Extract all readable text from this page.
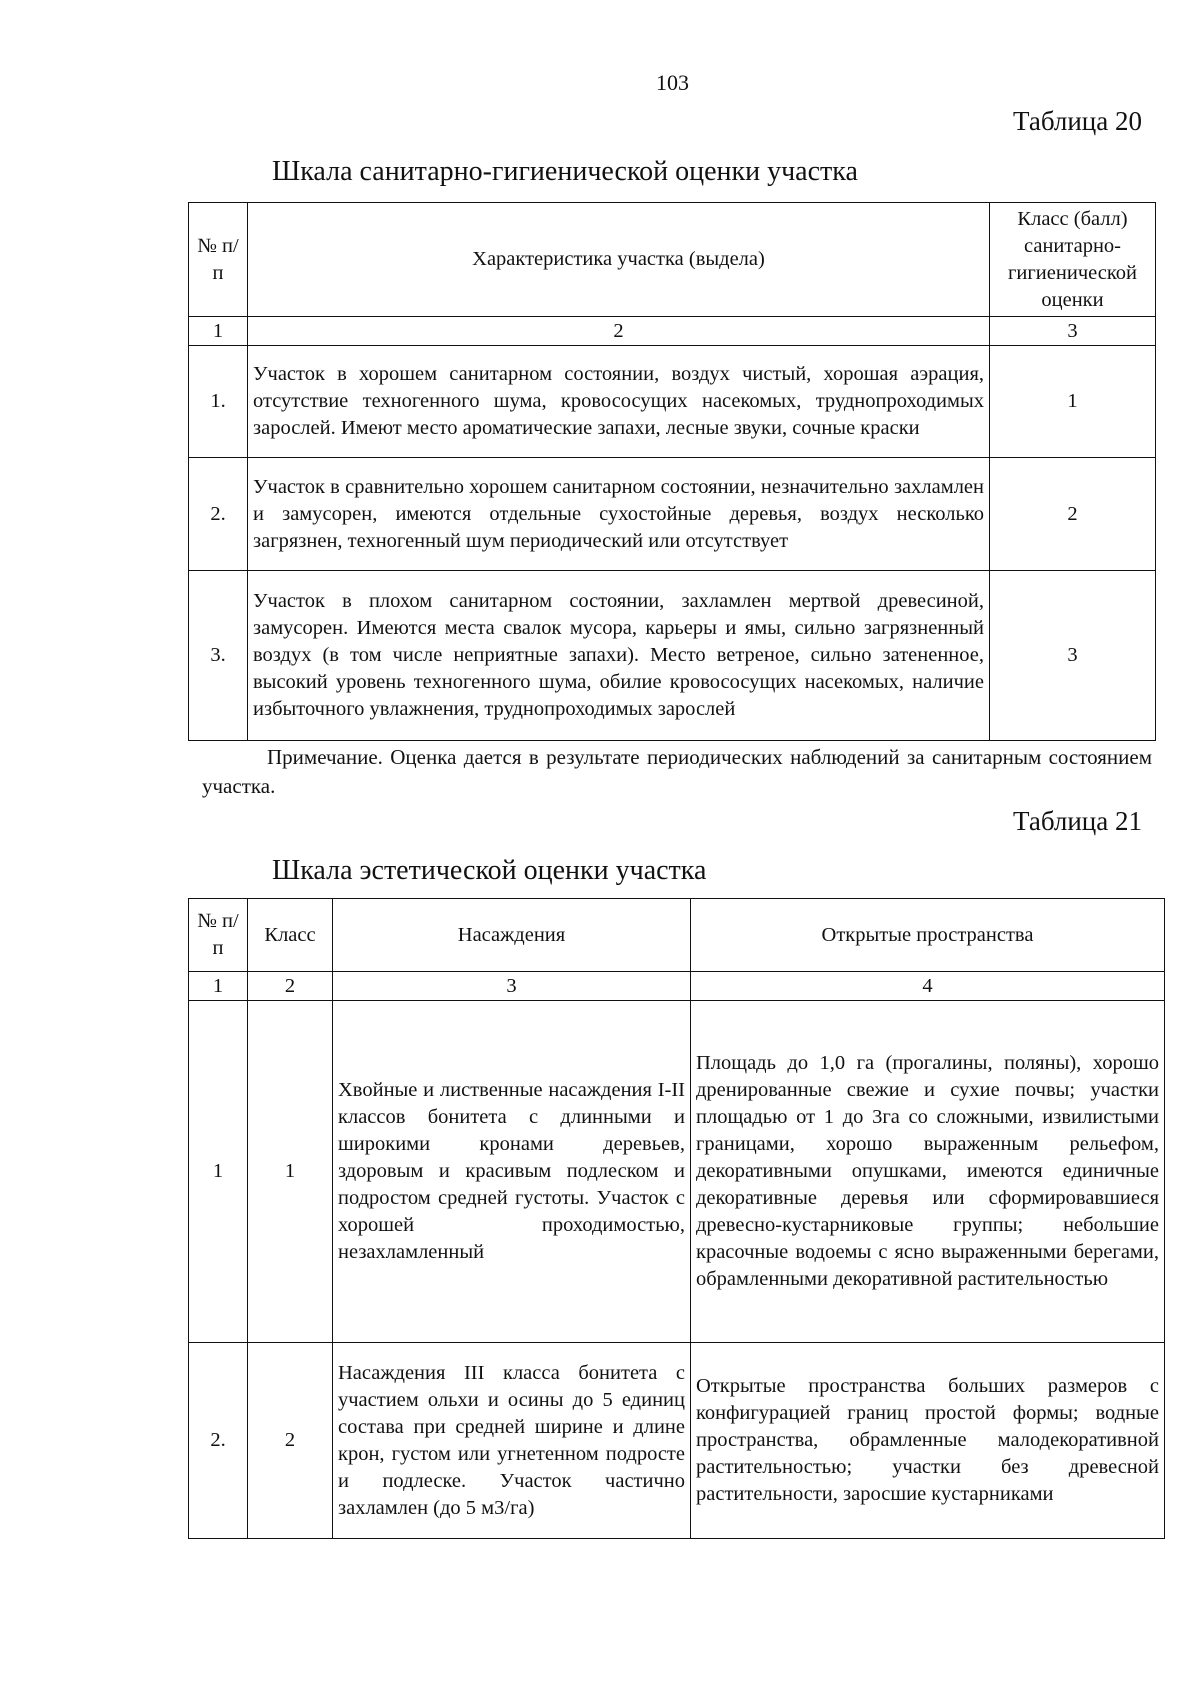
103
Таблица 20
Шкала санитарно-гигиенической оценки участка
№ п/п	Характеристика участка (выдела)	Класс (балл) санитарно-гигиенической оценки
1	2	3
1.	Участок в хорошем санитарном состоянии, воздух чистый, хорошая аэрация, отсутствие техногенного шума, кровососущих насекомых, труднопроходимых зарослей. Имеют место ароматические запахи, лесные звуки, сочные краски	1
2.	Участок в сравнительно хорошем санитарном состоянии, незначительно захламлен и замусорен, имеются отдельные сухостойные деревья, воздух несколько загрязнен, техногенный шум периодический или отсутствует	2
3.	Участок в плохом санитарном состоянии, захламлен мертвой древесиной, замусорен. Имеются места свалок мусора, карьеры и ямы, сильно загрязненный воздух (в том числе неприятные запахи). Место ветреное, сильно затененное, высокий уровень техногенного шума, обилие кровососущих насекомых, наличие избыточного увлажнения, труднопроходимых зарослей	3
Примечание. Оценка дается в результате периодических наблюдений за санитарным состоянием участка.
Таблица 21
Шкала эстетической оценки участка
№ п/п	Класс	Насаждения	Открытые пространства
1	2	3	4
1	1	Хвойные и лиственные насаждения I-II классов бонитета с длинными и широкими кронами деревьев, здоровым и красивым подлеском и подростом средней густоты. Участок с хорошей проходимостью, незахламленный	Площадь до 1,0 га (прогалины, поляны), хорошо дренированные свежие и сухие почвы; участки площадью от 1 до 3га со сложными, извилистыми границами, хорошо выраженным рельефом, декоративными опушками, имеются единичные декоративные деревья или сформировавшиеся древесно-кустарниковые группы; небольшие красочные водоемы с ясно выраженными берегами, обрамленными декоративной растительностью
2.	2	Насаждения III класса бонитета с участием ольхи и осины до 5 единиц состава при средней ширине и длине крон, густом или угнетенном подросте и подлеске. Участок частично захламлен (до 5 м3/га)	Открытые пространства больших размеров с конфигурацией границ простой формы; водные пространства, обрамленные малодекоративной растительностью; участки без древесной растительности, заросшие кустарниками
